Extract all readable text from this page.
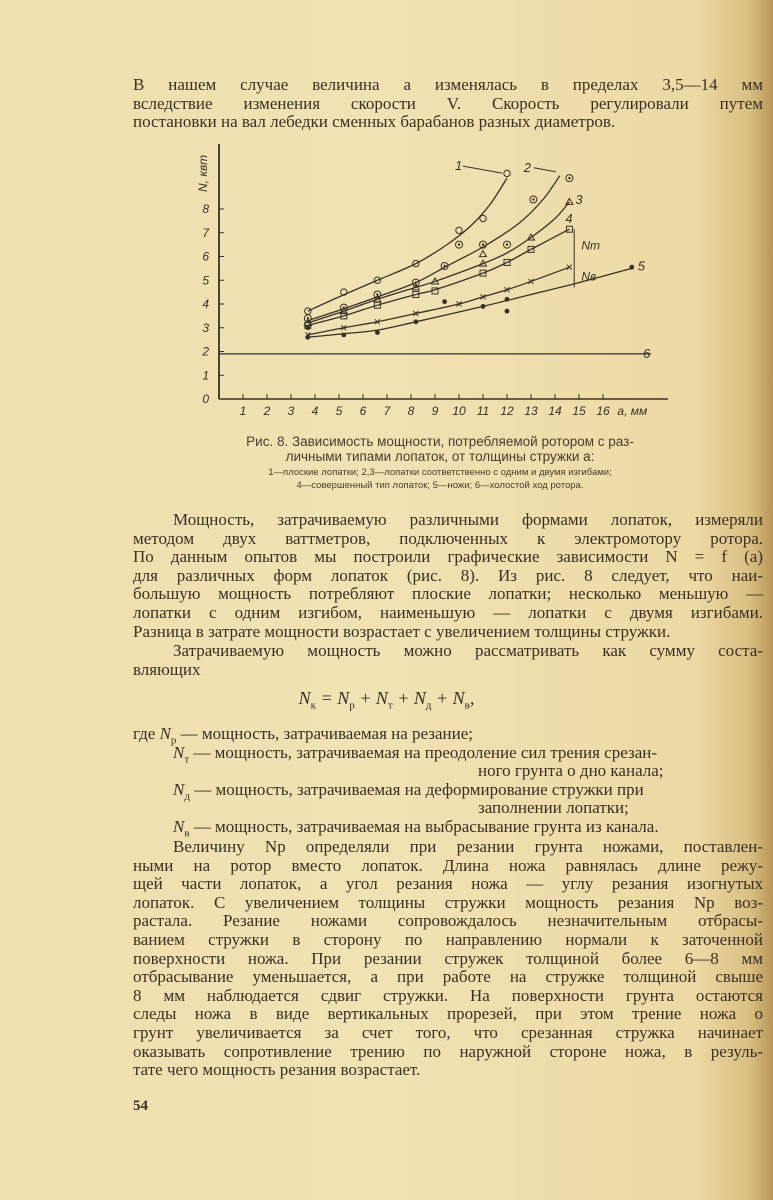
В нашем случае величина a изменялась в пределах 3,5—14 мм
вследствие изменения скорости V. Скорость регулировали путем
постановки на вал лебедки сменных барабанов разных диаметров.
1 2 3 4 5 6 7 8 9 10 11 12 13 14 15 16
0
1
2
3
4
5
6
7
8
a, мм
N, квт	1	2
3
4
5
6
Nт
Nв
Рис. 8. Зависимость мощности, потребляемой ротором с раз-
личными типами лопаток, от толщины стружки a:
1—плоские лопатки; 2,3—лопатки соответственно с одним и двумя изгибами;
4—совершенный тип лопаток; 5—ножи; 6—холостой ход ротора.
Мощность, затрачиваемую различными формами лопаток, измеряли
методом двух ваттметров, подключенных к электромотору ротора.
По данным опытов мы построили графические зависимости N = f (a)
для различных форм лопаток (рис. 8). Из рис. 8 следует, что наи-
большую мощность потребляют плоские лопатки; несколько меньшую —
лопатки с одним изгибом, наименьшую — лопатки с двумя изгибами.
Разница в затрате мощности возрастает с увеличением толщины стружки.
Затрачиваемую мощность можно рассматривать как сумму соста-
вляющих
$N_к = N_р + N_т + N_д + N_в$,
где $N_р$ — мощность, затрачиваемая на резание;
$N_т$ — мощность, затрачиваемая на преодоление сил трения срезан-
ного грунта о дно канала;
$N_д$ — мощность, затрачиваемая на деформирование стружки при
заполнении лопатки;
$N_в$ — мощность, затрачиваемая на выбрасывание грунта из канала.
Величину Nр определяли при резании грунта ножами, поставлен-
ными на ротор вместо лопаток. Длина ножа равнялась длине режу-
щей части лопаток, а угол резания ножа — углу резания изогнутых
лопаток. С увеличением толщины стружки мощность резания Nр воз-
растала. Резание ножами сопровождалось незначительным отбрасы-
ванием стружки в сторону по направлению нормали к заточенной
поверхности ножа. При резании стружек толщиной более 6—8 мм
отбрасывание уменьшается, а при работе на стружке толщиной свыше
8 мм наблюдается сдвиг стружки. На поверхности грунта остаются
следы ножа в виде вертикальных прорезей, при этом трение ножа о
грунт увеличивается за счет того, что срезанная стружка начинает
оказывать сопротивление трению по наружной стороне ножа, в резуль-
тате чего мощность резания возрастает.
54
